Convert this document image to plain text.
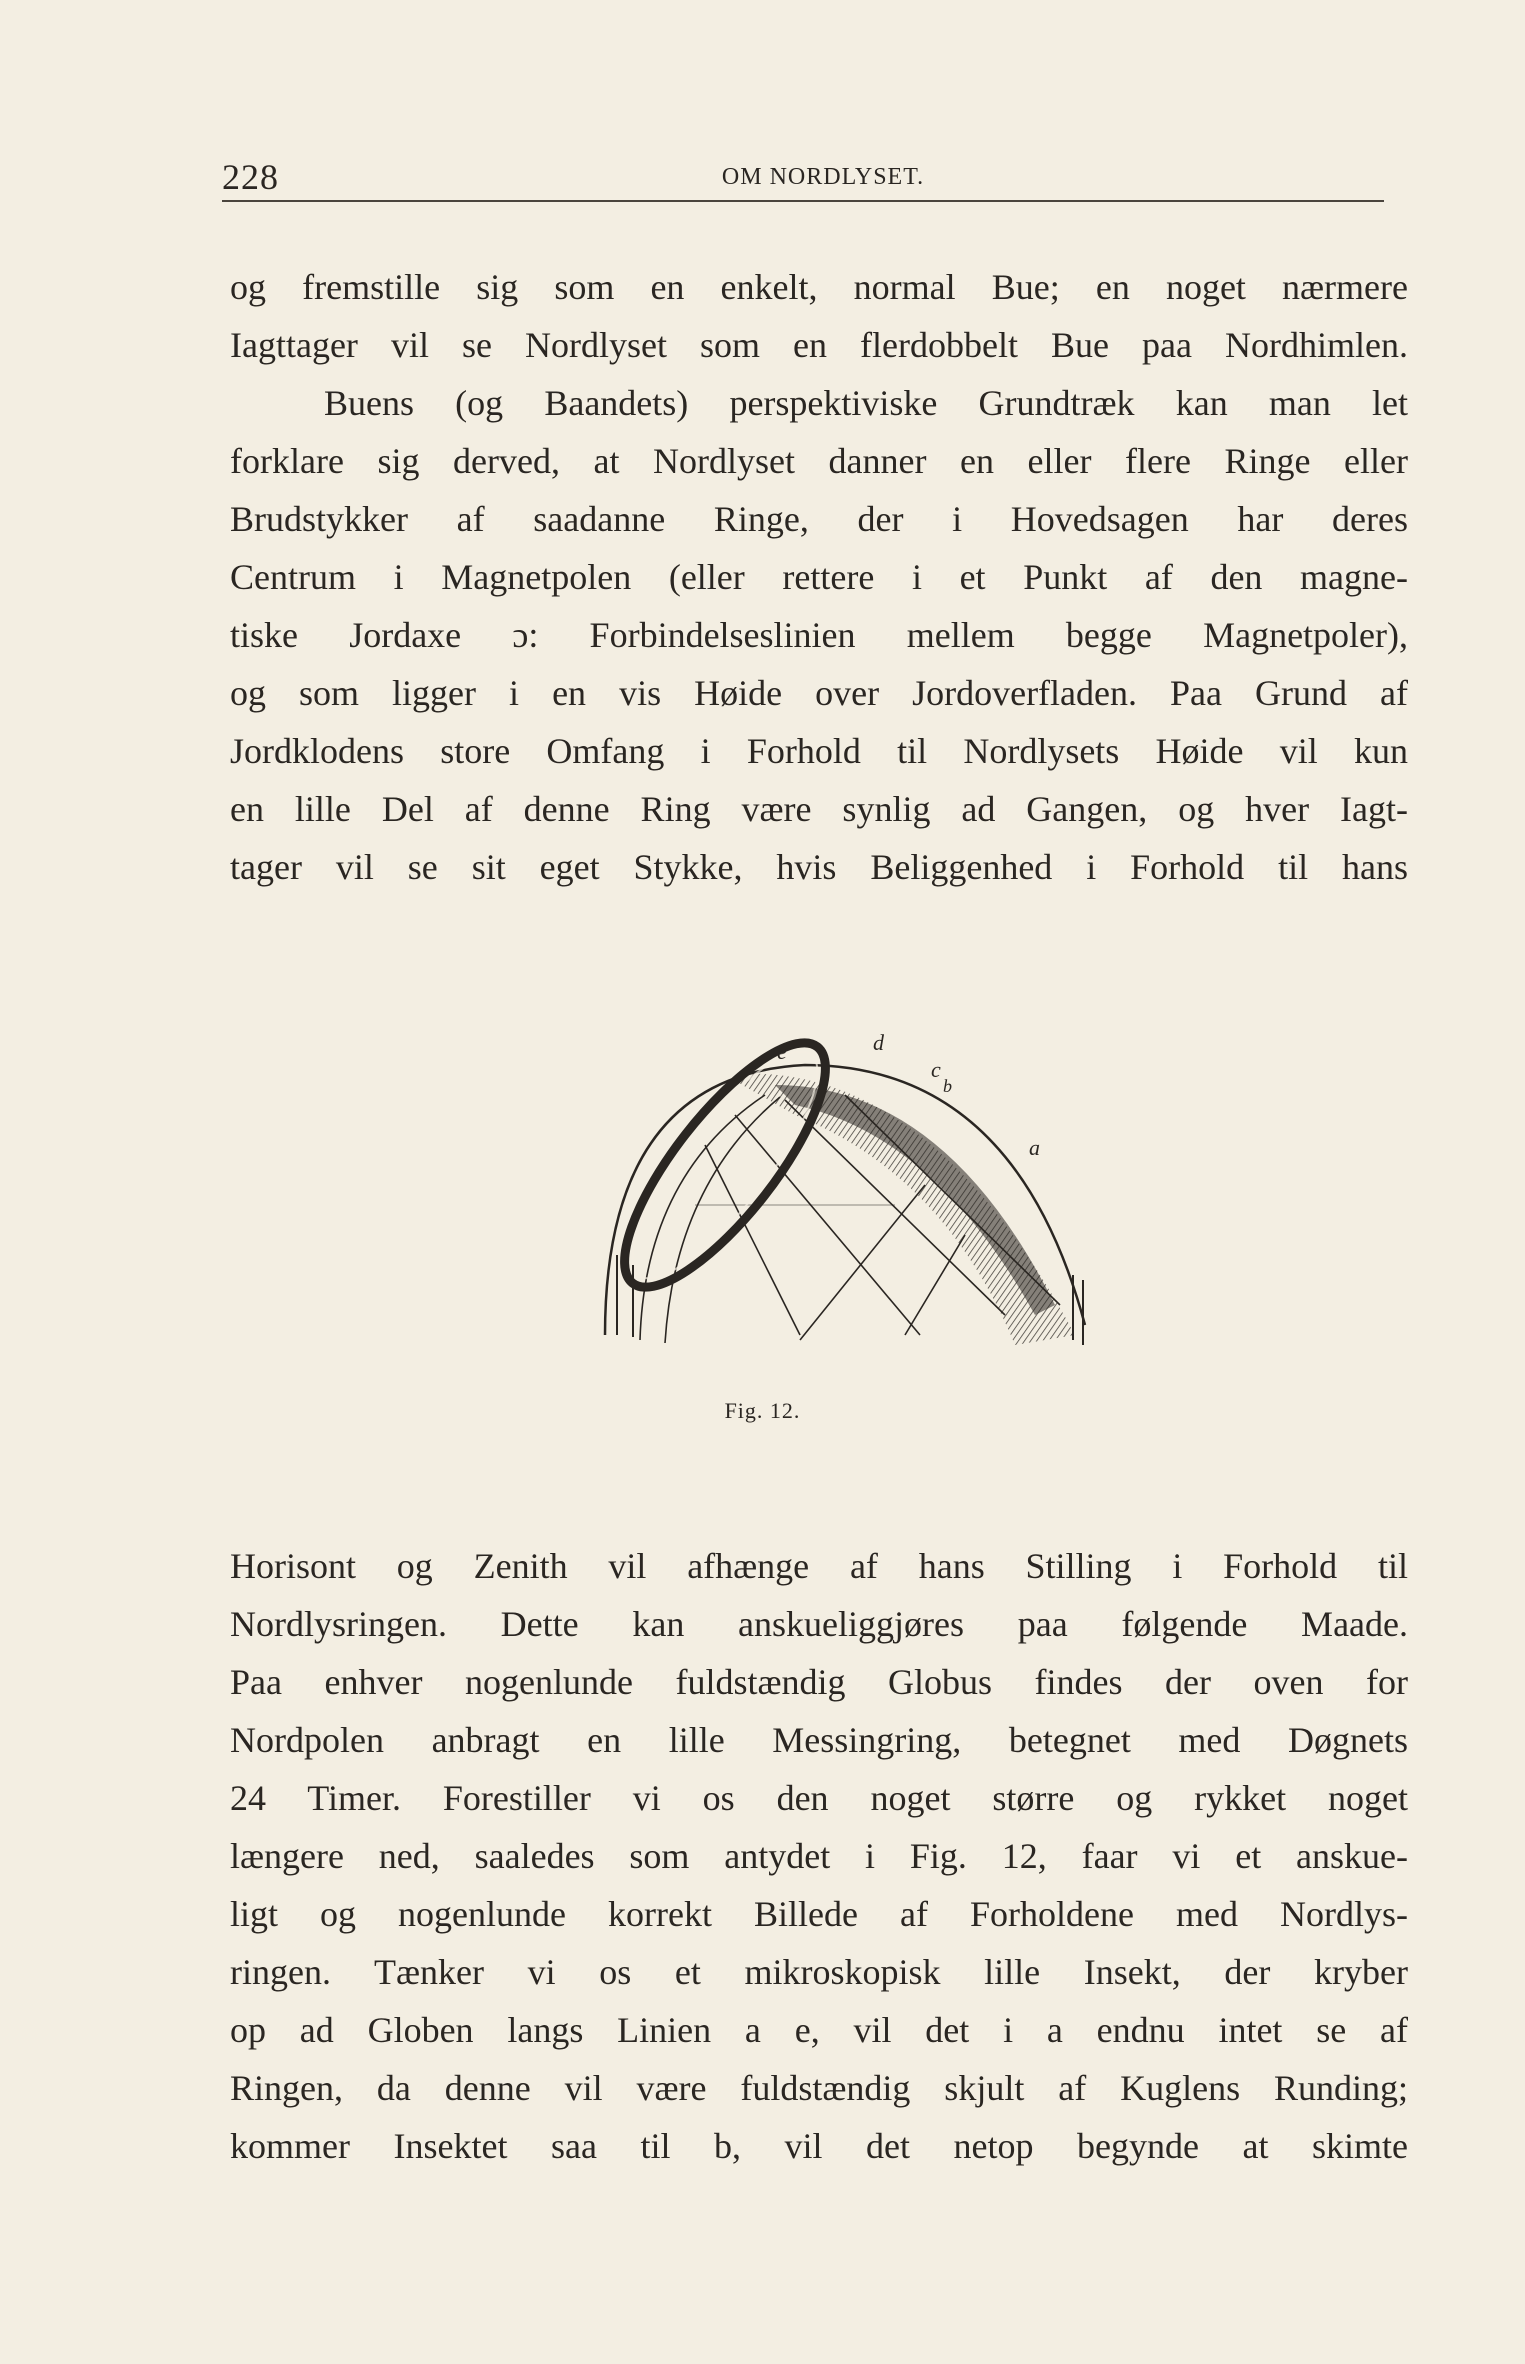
228	OM NORDLYSET.
og fremstille sig som en enkelt, normal Bue; en noget nærmere
Iagttager vil se Nordlyset som en flerdobbelt Bue paa Nordhimlen.
Buens (og Baandets) perspektiviske Grundtræk kan man let
forklare sig derved, at Nordlyset danner en eller flere Ringe eller
Brudstykker af saadanne Ringe, der i Hovedsagen har deres
Centrum i Magnetpolen (eller rettere i et Punkt af den magne-
tiske Jordaxe ɔ: Forbindelseslinien mellem begge Magnetpoler),
og som ligger i en vis Høide over Jordoverfladen. Paa Grund af
Jordklodens store Omfang i Forhold til Nordlysets Høide vil kun
en lille Del af denne Ring være synlig ad Gangen, og hver Iagt-
tager vil se sit eget Stykke, hvis Beliggenhed i Forhold til hans
e	d
c
b
a
Fig. 12.
Horisont og Zenith vil afhænge af hans Stilling i Forhold til
Nordlysringen. Dette kan anskueliggjøres paa følgende Maade.
Paa enhver nogenlunde fuldstændig Globus findes der oven for
Nordpolen anbragt en lille Messingring, betegnet med Døgnets
24 Timer. Forestiller vi os den noget større og rykket noget
længere ned, saaledes som antydet i Fig. 12, faar vi et anskue-
ligt og nogenlunde korrekt Billede af Forholdene med Nordlys-
ringen. Tænker vi os et mikroskopisk lille Insekt, der kryber
op ad Globen langs Linien a e, vil det i a endnu intet se af
Ringen, da denne vil være fuldstændig skjult af Kuglens Runding;
kommer Insektet saa til b, vil det netop begynde at skimte
